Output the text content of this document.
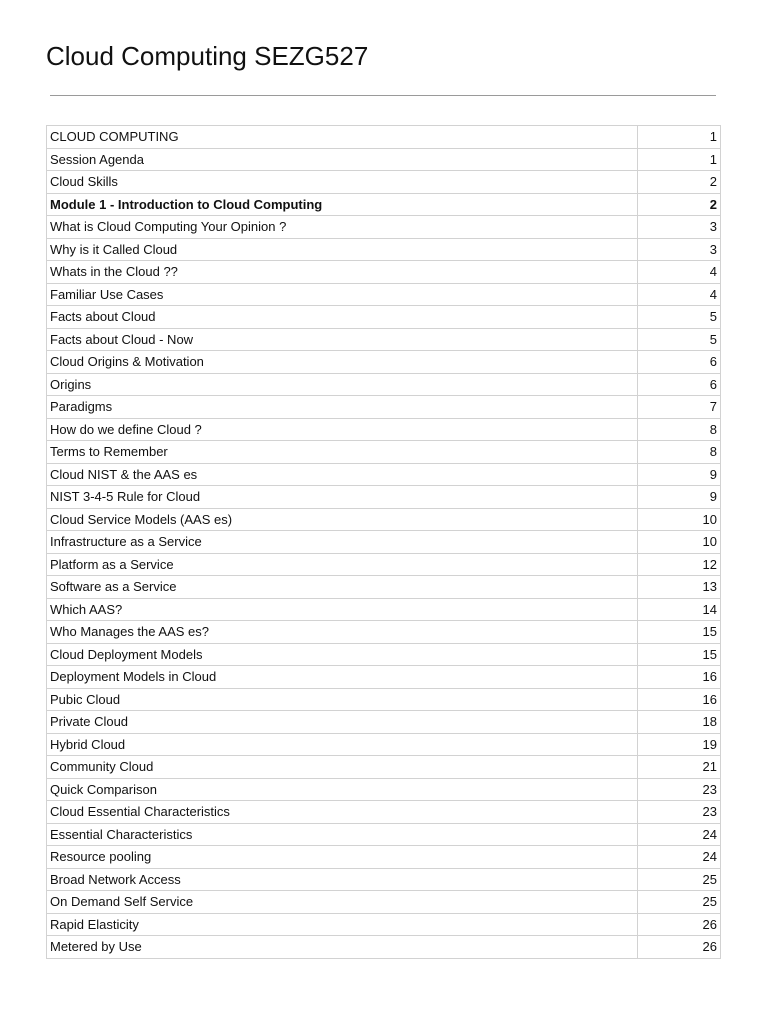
Cloud Computing SEZG527
CLOUD COMPUTING	1
Session Agenda	1
Cloud Skills	2
Module 1 - Introduction to Cloud Computing	2
What is Cloud Computing Your Opinion ?	3
Why is it Called Cloud	3
Whats in the Cloud ??	4
Familiar Use Cases	4
Facts about Cloud	5
Facts about Cloud - Now	5
Cloud Origins & Motivation	6
Origins	6
Paradigms	7
How do we define Cloud ?	8
Terms to Remember	8
Cloud NIST & the AAS es	9
NIST 3-4-5 Rule for Cloud	9
Cloud Service Models (AAS es)	10
Infrastructure as a Service	10
Platform as a Service	12
Software as a Service	13
Which AAS?	14
Who Manages the AAS es?	15
Cloud Deployment Models	15
Deployment Models in Cloud	16
Pubic Cloud	16
Private Cloud	18
Hybrid Cloud	19
Community Cloud	21
Quick Comparison	23
Cloud Essential Characteristics	23
Essential Characteristics	24
Resource pooling	24
Broad Network Access	25
On Demand Self Service	25
Rapid Elasticity	26
Metered by Use	26
